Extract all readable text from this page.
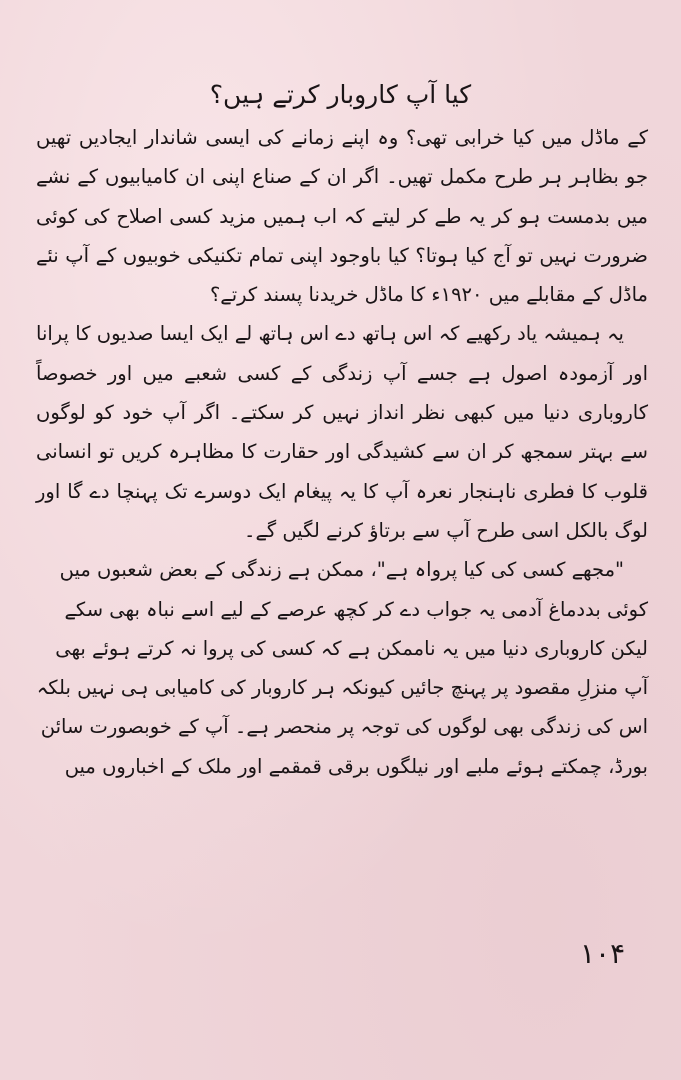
کیا آپ کاروبار کرتے ہیں؟

کے ماڈل میں کیا خرابی تھی؟ وہ اپنے زمانے کی ایسی شاندار ایجادیں تھیں جو بظاہر ہر طرح مکمل تھیں۔ اگر ان کے صناع اپنی ان کامیابیوں کے نشے میں بدمست ہو کر یہ طے کر لیتے کہ اب ہمیں مزید کسی اصلاح کی کوئی ضرورت نہیں تو آج کیا ہوتا؟ کیا باوجود اپنی تمام تکنیکی خوبیوں کے آپ نئے ماڈل کے مقابلے میں ۱۹۲۰ء کا ماڈل خریدنا پسند کرتے؟

یہ ہمیشہ یاد رکھیے کہ اس ہاتھ دے اس ہاتھ لے ایک ایسا صدیوں کا پرانا اور آزمودہ اصول ہے جسے آپ زندگی کے کسی شعبے میں اور خصوصاً کاروباری دنیا میں کبھی نظر انداز نہیں کر سکتے۔ اگر آپ خود کو لوگوں سے بہتر سمجھ کر ان سے کشیدگی اور حقارت کا مظاہرہ کریں تو انسانی قلوب کا فطری ناہنجار نعرہ آپ کا یہ پیغام ایک دوسرے تک پہنچا دے گا اور لوگ بالکل اسی طرح آپ سے برتاؤ کرنے لگیں گے۔

"مجھے کسی کی کیا پرواہ ہے"، ممکن ہے زندگی کے بعض شعبوں میں کوئی بددماغ آدمی یہ جواب دے کر کچھ عرصے کے لیے اسے نباہ بھی سکے لیکن کاروباری دنیا میں یہ ناممکن ہے کہ کسی کی پروا نہ کرتے ہوئے بھی آپ منزلِ مقصود پر پہنچ جائیں کیونکہ ہر کاروبار کی کامیابی ہی نہیں بلکہ اس کی زندگی بھی لوگوں کی توجہ پر منحصر ہے۔ آپ کے خوبصورت سائن بورڈ، چمکتے ہوئے ملبے اور نیلگوں برقی قمقمے اور ملک کے اخباروں میں

۱۰۴
